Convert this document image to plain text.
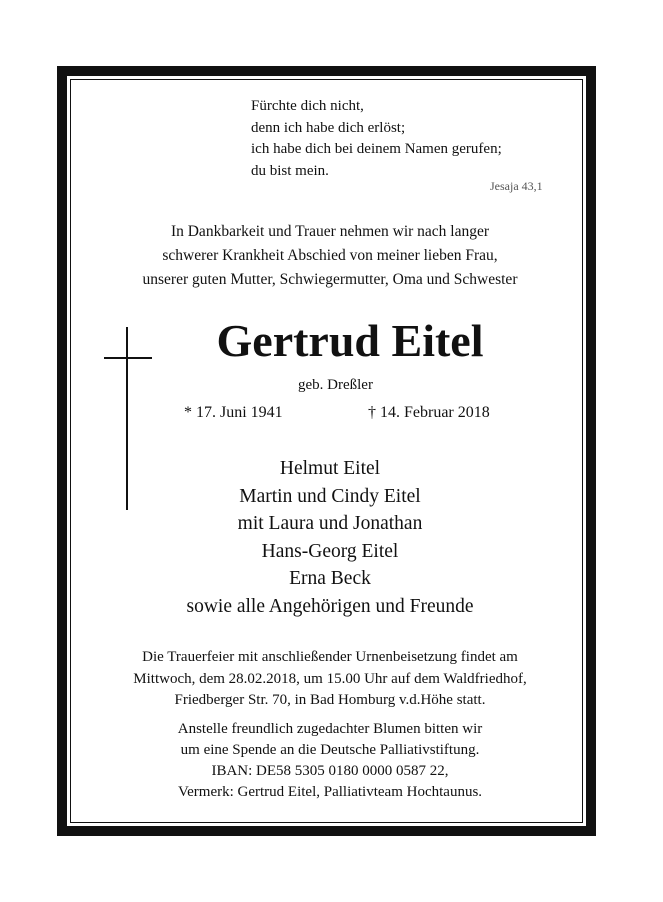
Fürchte dich nicht,
denn ich habe dich erlöst;
ich habe dich bei deinem Namen gerufen;
du bist mein.
Jesaja 43,1
In Dankbarkeit und Trauer nehmen wir nach langer
schwerer Krankheit Abschied von meiner lieben Frau,
unserer guten Mutter, Schwiegermutter, Oma und Schwester
Gertrud Eitel
geb. Dreßler
* 17. Juni 1941	† 14. Februar 2018
Helmut Eitel
Martin und Cindy Eitel
mit Laura und Jonathan
Hans-Georg Eitel
Erna Beck
sowie alle Angehörigen und Freunde
Die Trauerfeier mit anschließender Urnenbeisetzung findet am
Mittwoch, dem 28.02.2018, um 15.00 Uhr auf dem Waldfriedhof,
Friedberger Str. 70, in Bad Homburg v.d.Höhe statt.
Anstelle freundlich zugedachter Blumen bitten wir
um eine Spende an die Deutsche Palliativstiftung.
IBAN: DE58 5305 0180 0000 0587 22,
Vermerk: Gertrud Eitel, Palliativteam Hochtaunus.
